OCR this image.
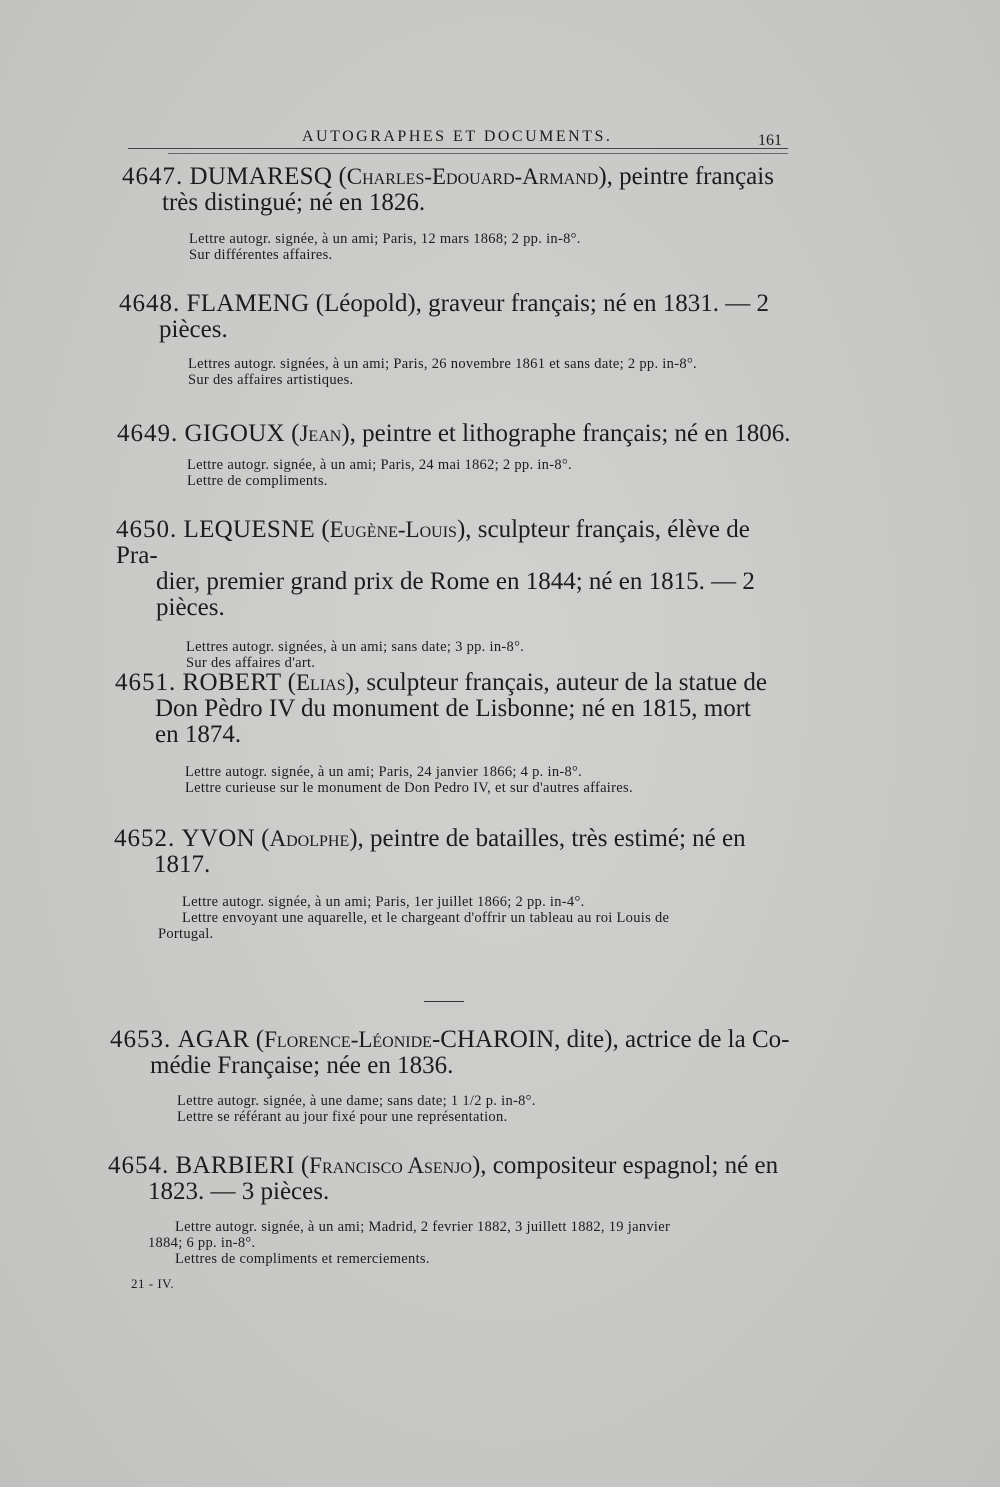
AUTOGRAPHES ET DOCUMENTS.	161

4647. DUMARESQ (Charles-Edouard-Armand), peintre français
très distingué; né en 1826.

Lettre autogr. signée, à un ami; Paris, 12 mars 1868; 2 pp. in-8°.
Sur différentes affaires.

4648. FLAMENG (Léopold), graveur français; né en 1831. — 2
pièces.

Lettres autogr. signées, à un ami; Paris, 26 novembre 1861 et sans date; 2 pp. in-8°.
Sur des affaires artistiques.

4649. GIGOUX (Jean), peintre et lithographe français; né en 1806.

Lettre autogr. signée, à un ami; Paris, 24 mai 1862; 2 pp. in-8°.
Lettre de compliments.

4650. LEQUESNE (Eugène-Louis), sculpteur français, élève de Pra-
dier, premier grand prix de Rome en 1844; né en 1815. — 2
pièces.

Lettres autogr. signées, à un ami; sans date; 3 pp. in-8°.
Sur des affaires d'art.

4651. ROBERT (Elias), sculpteur français, auteur de la statue de
Don Pèdro IV du monument de Lisbonne; né en 1815, mort
en 1874.

Lettre autogr. signée, à un ami; Paris, 24 janvier 1866; 4 p. in-8°.
Lettre curieuse sur le monument de Don Pedro IV, et sur d'autres affaires.

4652. YVON (Adolphe), peintre de batailles, très estimé; né en
1817.

Lettre autogr. signée, à un ami; Paris, 1er juillet 1866; 2 pp. in-4°.
Lettre envoyant une aquarelle, et le chargeant d'offrir un tableau au roi Louis de
Portugal.

4653. AGAR (Florence-Léonide-CHAROIN, dite), actrice de la Co-
médie Française; née en 1836.

Lettre autogr. signée, à une dame; sans date; 1 1/2 p. in-8°.
Lettre se référant au jour fixé pour une représentation.

4654. BARBIERI (Francisco Asenjo), compositeur espagnol; né en
1823. — 3 pièces.

Lettre autogr. signée, à un ami; Madrid, 2 fevrier 1882, 3 juillett 1882, 19 janvier
1884; 6 pp. in-8°.
Lettres de compliments et remerciements.
21 - IV.
